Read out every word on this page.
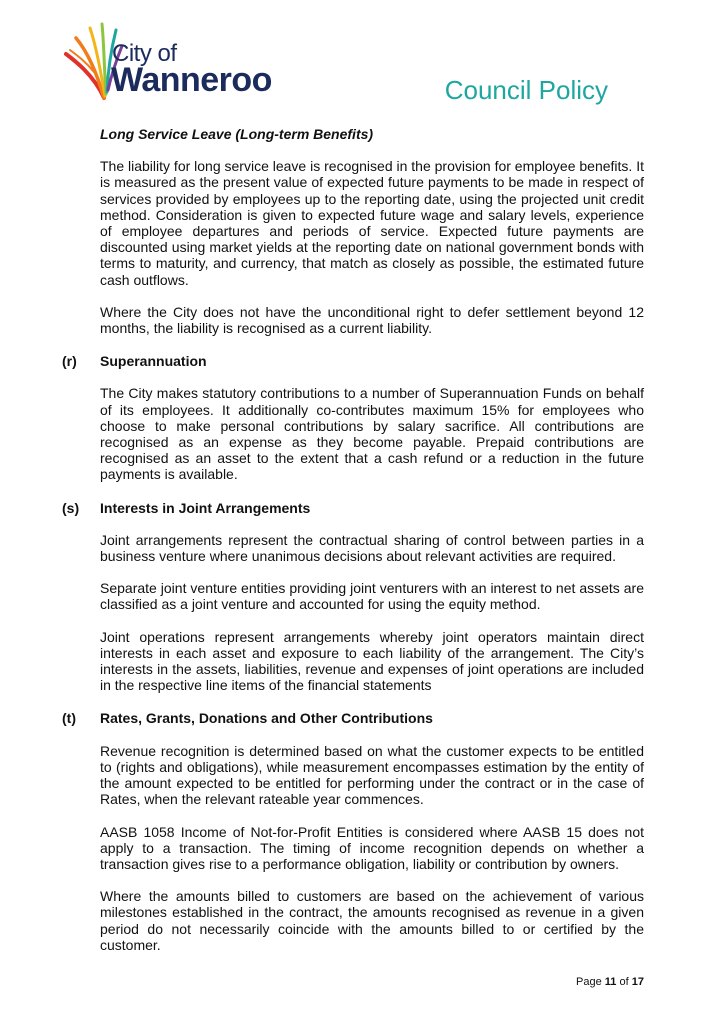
City of
Wanneroo	Council Policy
Long Service Leave (Long-term Benefits)
The liability for long service leave is recognised in the provision for employee benefits. It is measured as the present value of expected future payments to be made in respect of services provided by employees up to the reporting date, using the projected unit credit method. Consideration is given to expected future wage and salary levels, experience of employee departures and periods of service. Expected future payments are discounted using market yields at the reporting date on national government bonds with terms to maturity, and currency, that match as closely as possible, the estimated future cash outflows.
Where the City does not have the unconditional right to defer settlement beyond 12 months, the liability is recognised as a current liability.
(r)	Superannuation
The City makes statutory contributions to a number of Superannuation Funds on behalf of its employees. It additionally co-contributes maximum 15% for employees who choose to make personal contributions by salary sacrifice. All contributions are recognised as an expense as they become payable. Prepaid contributions are recognised as an asset to the extent that a cash refund or a reduction in the future payments is available.
(s)	Interests in Joint Arrangements
Joint arrangements represent the contractual sharing of control between parties in a business venture where unanimous decisions about relevant activities are required.
Separate joint venture entities providing joint venturers with an interest to net assets are classified as a joint venture and accounted for using the equity method.
Joint operations represent arrangements whereby joint operators maintain direct interests in each asset and exposure to each liability of the arrangement. The City’s interests in the assets, liabilities, revenue and expenses of joint operations are included in the respective line items of the financial statements
(t)	Rates, Grants, Donations and Other Contributions
Revenue recognition is determined based on what the customer expects to be entitled to (rights and obligations), while measurement encompasses estimation by the entity of the amount expected to be entitled for performing under the contract or in the case of Rates, when the relevant rateable year commences.
AASB 1058 Income of Not-for-Profit Entities is considered where AASB 15 does not apply to a transaction. The timing of income recognition depends on whether a transaction gives rise to a performance obligation, liability or contribution by owners.
Where the amounts billed to customers are based on the achievement of various milestones established in the contract, the amounts recognised as revenue in a given period do not necessarily coincide with the amounts billed to or certified by the customer.
Page 11 of 17
